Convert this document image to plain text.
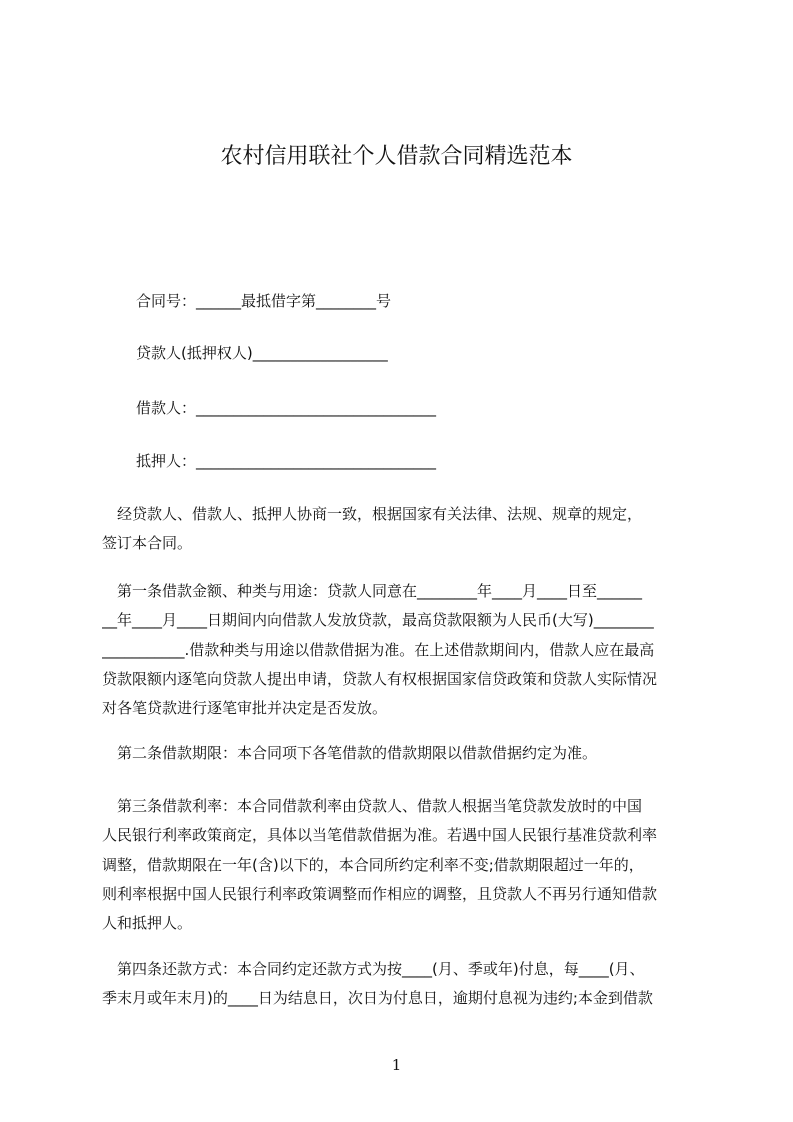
农村信用联社个人借款合同精选范本
合同号：______最抵借字第________号
贷款人(抵押权人)__________________
借款人：________________________________
抵押人：________________________________
　经贷款人、借款人、抵押人协商一致，根据国家有关法律、法规、规章的规定，
签订本合同。
　第一条借款金额、种类与用途：贷款人同意在________年____月____日至______
__年____月____日期间内向借款人发放贷款，最高贷款限额为人民币(大写)________
___________.借款种类与用途以借款借据为准。在上述借款期间内，借款人应在最高
贷款限额内逐笔向贷款人提出申请，贷款人有权根据国家信贷政策和贷款人实际情况
对各笔贷款进行逐笔审批并决定是否发放。
　第二条借款期限：本合同项下各笔借款的借款期限以借款借据约定为准。
　第三条借款利率：本合同借款利率由贷款人、借款人根据当笔贷款发放时的中国
人民银行利率政策商定，具体以当笔借款借据为准。若遇中国人民银行基准贷款利率
调整，借款期限在一年(含)以下的，本合同所约定利率不变;借款期限超过一年的，
则利率根据中国人民银行利率政策调整而作相应的调整，且贷款人不再另行通知借款
人和抵押人。
　第四条还款方式：本合同约定还款方式为按____(月、季或年)付息，每____(月、
季末月或年末月)的____日为结息日，次日为付息日，逾期付息视为违约;本金到借款
1
